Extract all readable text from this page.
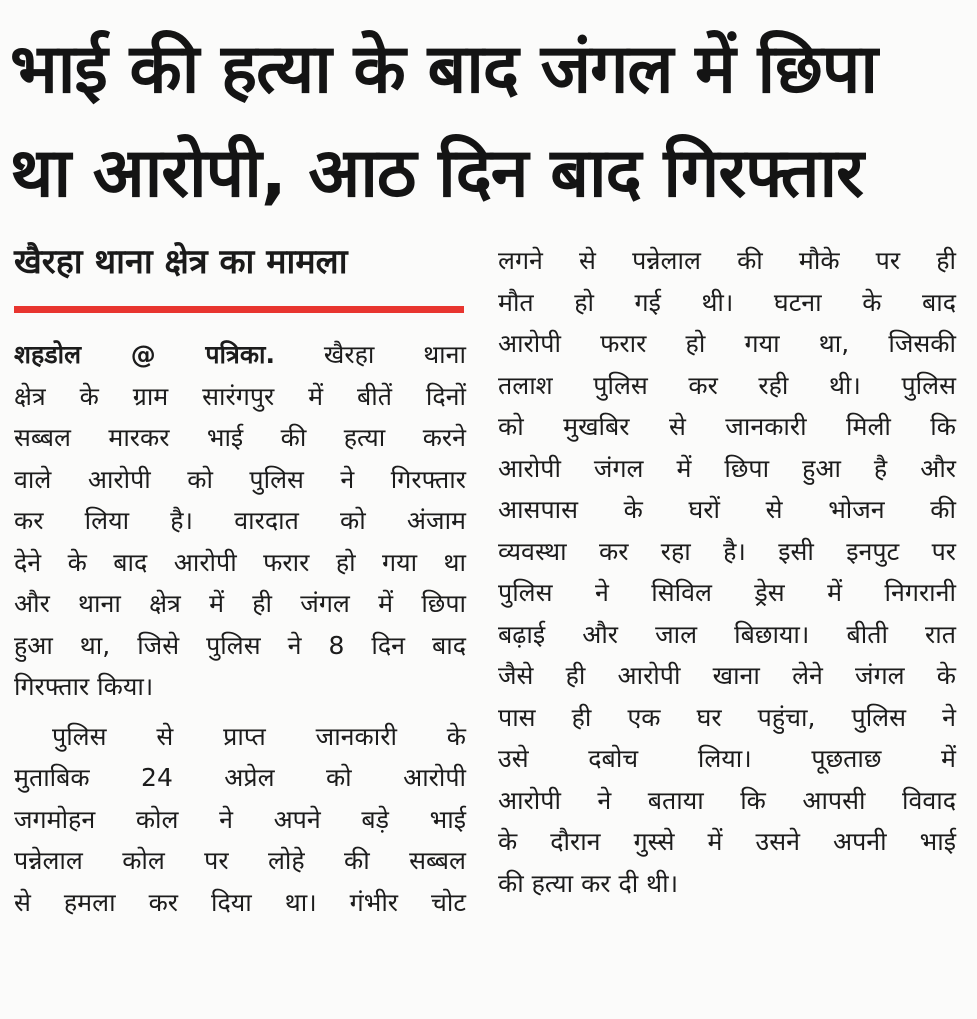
भाई की हत्या के बाद जंगल में छिपा
था आरोपी, आठ दिन बाद गिरफ्तार
खैरहा थाना क्षेत्र का मामला
शहडोल @ पत्रिका. खैरहा थाना
क्षेत्र के ग्राम सारंगपुर में बीतें दिनों
सब्बल मारकर भाई की हत्या करने
वाले आरोपी को पुलिस ने गिरफ्तार
कर लिया है। वारदात को अंजाम
देने के बाद आरोपी फरार हो गया था
और थाना क्षेत्र में ही जंगल में छिपा
हुआ था, जिसे पुलिस ने 8 दिन बाद
गिरफ्तार किया।
पुलिस से प्राप्त जानकारी के
मुताबिक 24 अप्रेल को आरोपी
जगमोहन कोल ने अपने बड़े भाई
पन्नेलाल कोल पर लोहे की सब्बल
से हमला कर दिया था। गंभीर चोट
लगने से पन्नेलाल की मौके पर ही
मौत हो गई थी। घटना के बाद
आरोपी फरार हो गया था, जिसकी
तलाश पुलिस कर रही थी। पुलिस
को मुखबिर से जानकारी मिली कि
आरोपी जंगल में छिपा हुआ है और
आसपास के घरों से भोजन की
व्यवस्था कर रहा है। इसी इनपुट पर
पुलिस ने सिविल ड्रेस में निगरानी
बढ़ाई और जाल बिछाया। बीती रात
जैसे ही आरोपी खाना लेने जंगल के
पास ही एक घर पहुंचा, पुलिस ने
उसे दबोच लिया। पूछताछ में
आरोपी ने बताया कि आपसी विवाद
के दौरान गुस्से में उसने अपनी भाई
की हत्या कर दी थी।
